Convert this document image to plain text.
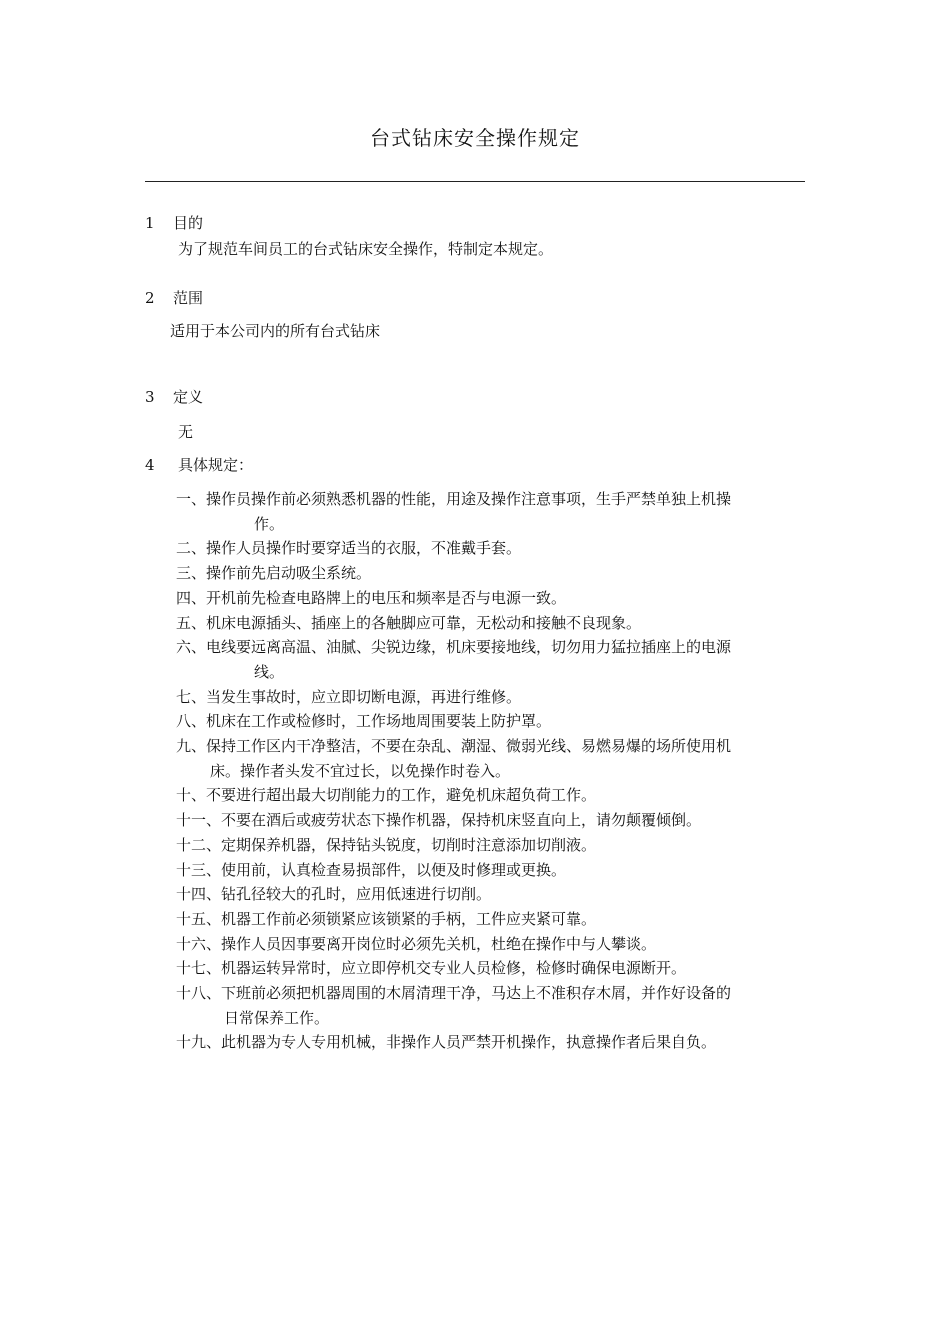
台式钻床安全操作规定
1 目的
为了规范车间员工的台式钻床安全操作，特制定本规定。
2 范围
适用于本公司内的所有台式钻床
3 定义
无
4 具体规定：
一、操作员操作前必须熟悉机器的性能，用途及操作注意事项，生手严禁单独上机操
作。
二、操作人员操作时要穿适当的衣服，不准戴手套。
三、操作前先启动吸尘系统。
四、开机前先检查电路牌上的电压和频率是否与电源一致。
五、机床电源插头、插座上的各触脚应可靠，无松动和接触不良现象。
六、电线要远离高温、油腻、尖锐边缘，机床要接地线，切勿用力猛拉插座上的电源
线。
七、当发生事故时，应立即切断电源，再进行维修。
八、机床在工作或检修时，工作场地周围要装上防护罩。
九、保持工作区内干净整洁，不要在杂乱、潮湿、微弱光线、易燃易爆的场所使用机
床。操作者头发不宜过长，以免操作时卷入。
十、不要进行超出最大切削能力的工作，避免机床超负荷工作。
十一、不要在酒后或疲劳状态下操作机器，保持机床竖直向上，请勿颠覆倾倒。
十二、定期保养机器，保持钻头锐度，切削时注意添加切削液。
十三、使用前，认真检查易损部件，以便及时修理或更换。
十四、钻孔径较大的孔时，应用低速进行切削。
十五、机器工作前必须锁紧应该锁紧的手柄，工件应夹紧可靠。
十六、操作人员因事要离开岗位时必须先关机，杜绝在操作中与人攀谈。
十七、机器运转异常时，应立即停机交专业人员检修，检修时确保电源断开。
十八、下班前必须把机器周围的木屑清理干净，马达上不准积存木屑，并作好设备的
日常保养工作。
十九、此机器为专人专用机械，非操作人员严禁开机操作，执意操作者后果自负。
